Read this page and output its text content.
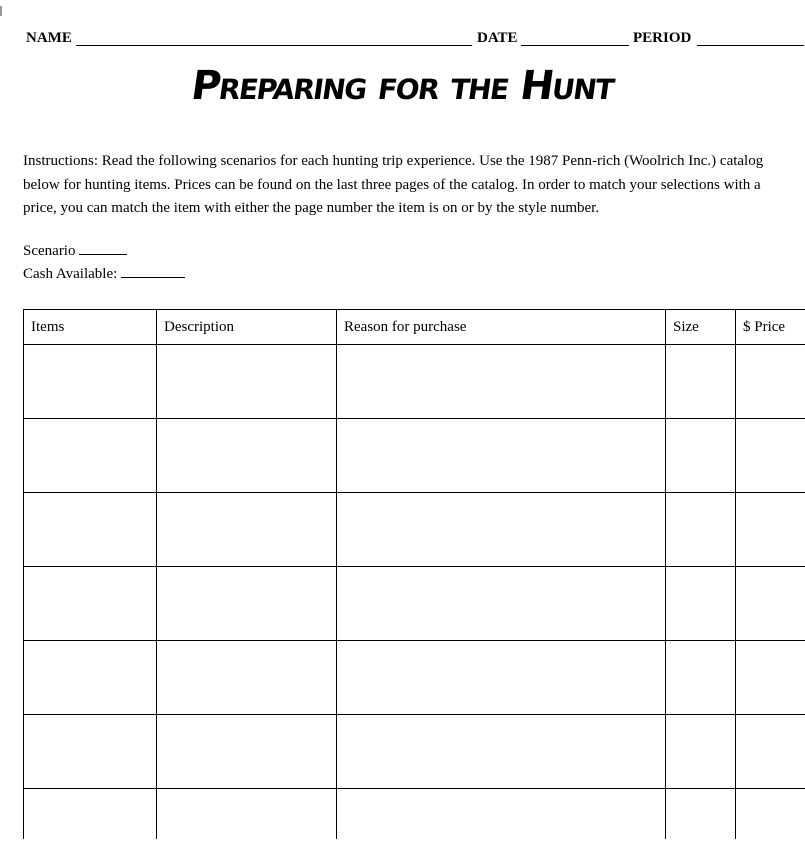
NAME	DATE	PERIOD
Preparing for the Hunt
Instructions: Read the following scenarios for each hunting trip experience. Use the 1987 Penn-rich (Woolrich Inc.) catalog below for hunting items. Prices can be found on the last three pages of the catalog. In order to match your selections with a price, you can match the item with either the page number the item is on or by the style number.
Scenario
Cash Available:
Items	Description	Reason for purchase	Size	$ Price
